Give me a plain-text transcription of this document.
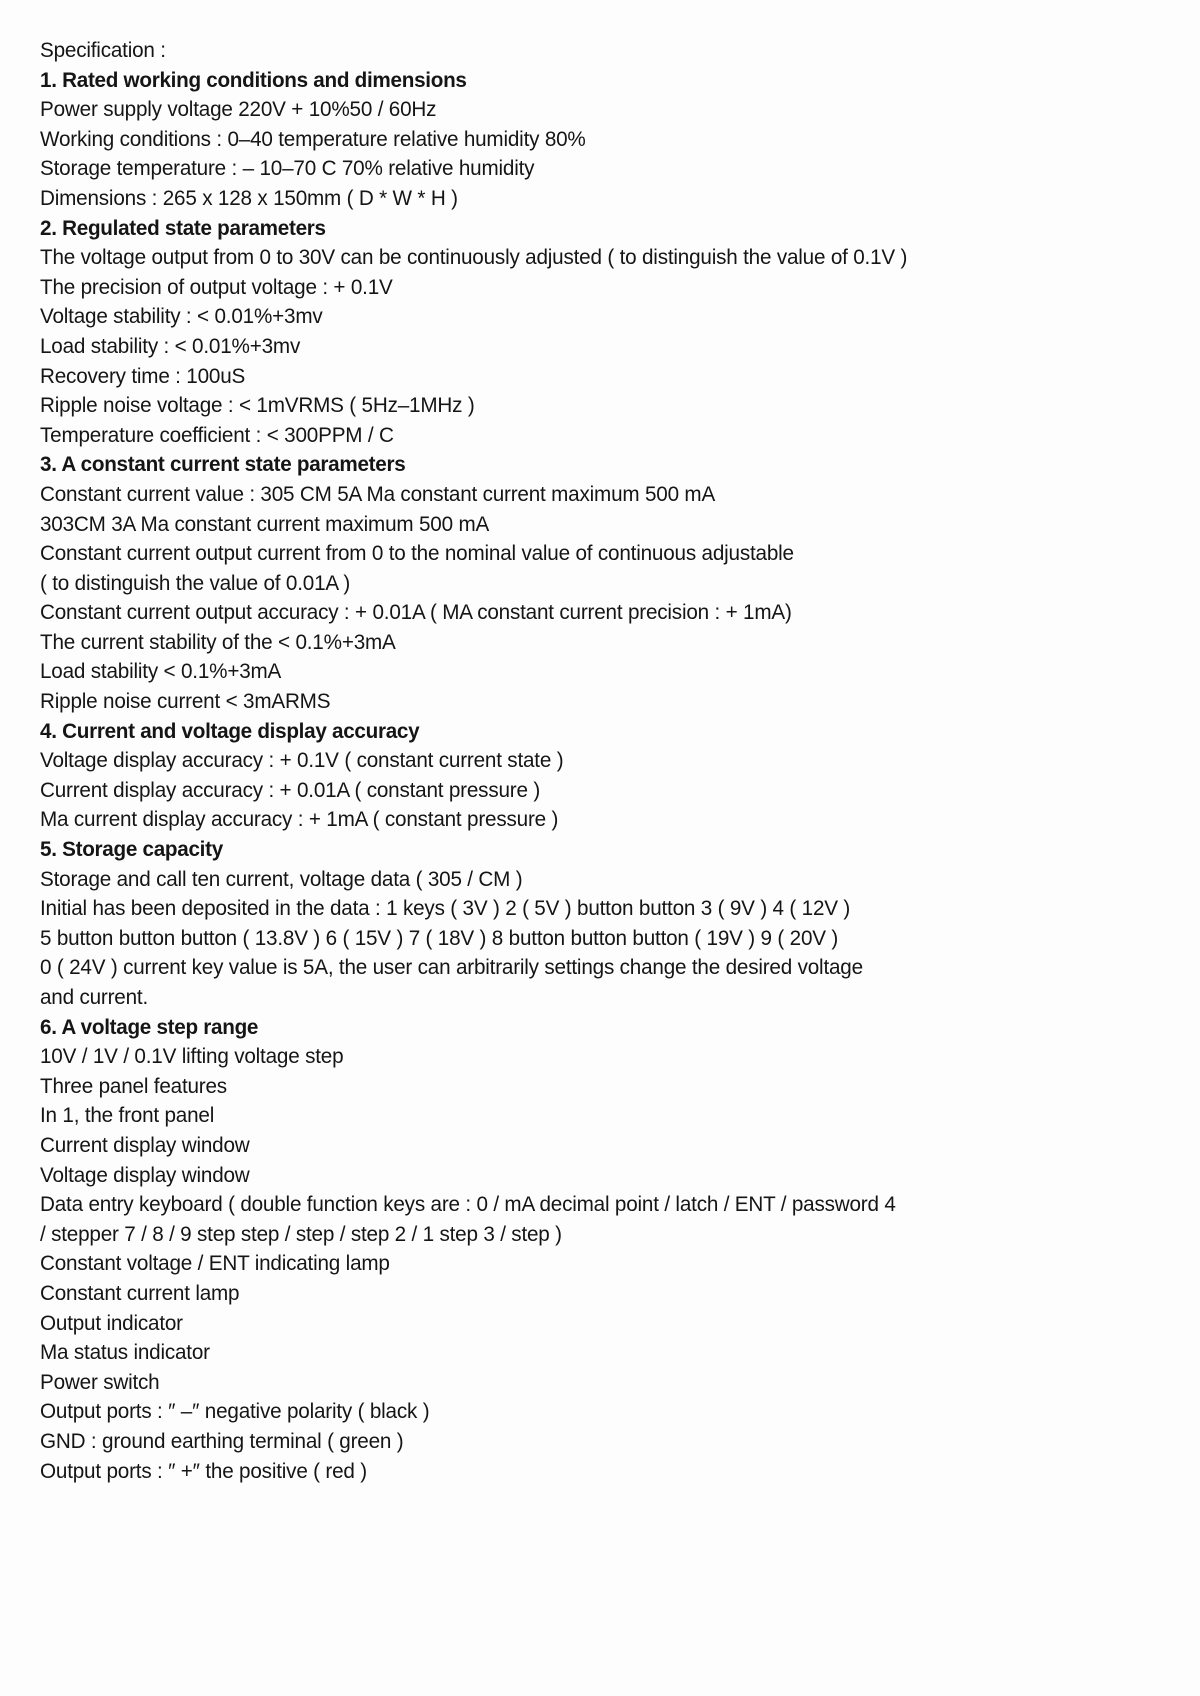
Specification :
1. Rated working conditions and dimensions
Power supply voltage 220V + 10%50 / 60Hz
Working conditions : 0–40 temperature relative humidity 80%
Storage temperature : – 10–70 C 70% relative humidity
Dimensions : 265 x 128 x 150mm ( D * W * H )
2. Regulated state parameters
The voltage output from 0 to 30V can be continuously adjusted ( to distinguish the value of 0.1V )
The precision of output voltage : + 0.1V
Voltage stability : < 0.01%+3mv
Load stability : < 0.01%+3mv
Recovery time : 100uS
Ripple noise voltage : < 1mVRMS ( 5Hz–1MHz )
Temperature coefficient : < 300PPM / C
3. A constant current state parameters
Constant current value : 305 CM 5A Ma constant current maximum 500 mA
303CM 3A Ma constant current maximum 500 mA
Constant current output current from 0 to the nominal value of continuous adjustable
( to distinguish the value of 0.01A )
Constant current output accuracy : + 0.01A ( MA constant current precision : + 1mA)
The current stability of the < 0.1%+3mA
Load stability < 0.1%+3mA
Ripple noise current < 3mARMS
4. Current and voltage display accuracy
Voltage display accuracy : + 0.1V ( constant current state )
Current display accuracy : + 0.01A ( constant pressure )
Ma current display accuracy : + 1mA ( constant pressure )
5. Storage capacity
Storage and call ten current, voltage data ( 305 / CM )
Initial has been deposited in the data : 1 keys ( 3V ) 2 ( 5V ) button button 3 ( 9V ) 4 ( 12V )
5 button button button ( 13.8V ) 6 ( 15V ) 7 ( 18V ) 8 button button button ( 19V ) 9 ( 20V )
0 ( 24V ) current key value is 5A, the user can arbitrarily settings change the desired voltage
and current.
6. A voltage step range
10V / 1V / 0.1V lifting voltage step
Three panel features
In 1, the front panel
Current display window
Voltage display window
Data entry keyboard ( double function keys are : 0 / mA decimal point / latch / ENT / password 4
/ stepper 7 / 8 / 9 step step / step / step 2 / 1 step 3 / step )
Constant voltage / ENT indicating lamp
Constant current lamp
Output indicator
Ma status indicator
Power switch
Output ports : ″ –″ negative polarity ( black )
GND : ground earthing terminal ( green )
Output ports : ″ +″ the positive ( red )
